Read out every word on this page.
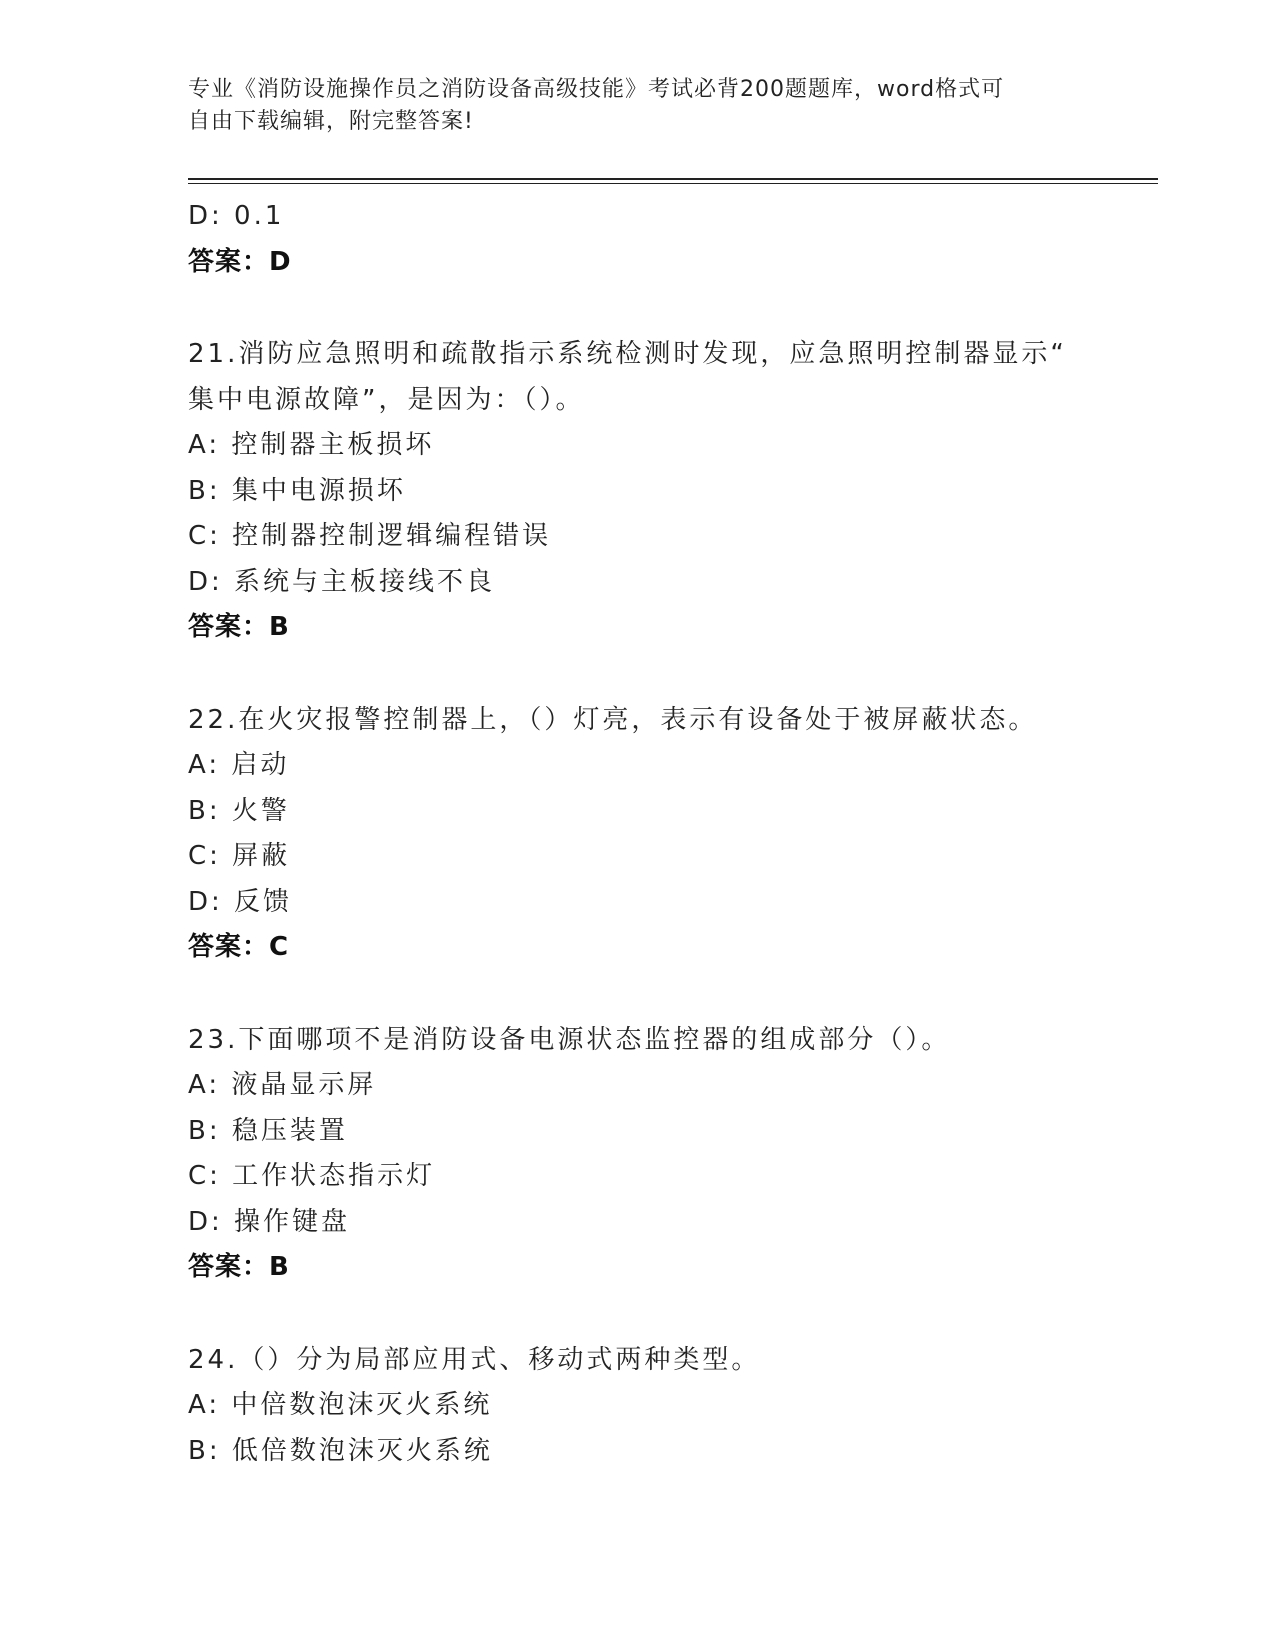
专业《消防设施操作员之消防设备高级技能》考试必背200题题库，word格式可
自由下载编辑，附完整答案!
D: 0.1
答案：D
21.消防应急照明和疏散指示系统检测时发现，应急照明控制器显示“
集中电源故障”，是因为：（）。
A: 控制器主板损坏
B: 集中电源损坏
C: 控制器控制逻辑编程错误
D: 系统与主板接线不良
答案：B
22.在火灾报警控制器上，（）灯亮，表示有设备处于被屏蔽状态。
A: 启动
B: 火警
C: 屏蔽
D: 反馈
答案：C
23.下面哪项不是消防设备电源状态监控器的组成部分（）。
A: 液晶显示屏
B: 稳压装置
C: 工作状态指示灯
D: 操作键盘
答案：B
24.（）分为局部应用式、移动式两种类型。
A: 中倍数泡沫灭火系统
B: 低倍数泡沫灭火系统
